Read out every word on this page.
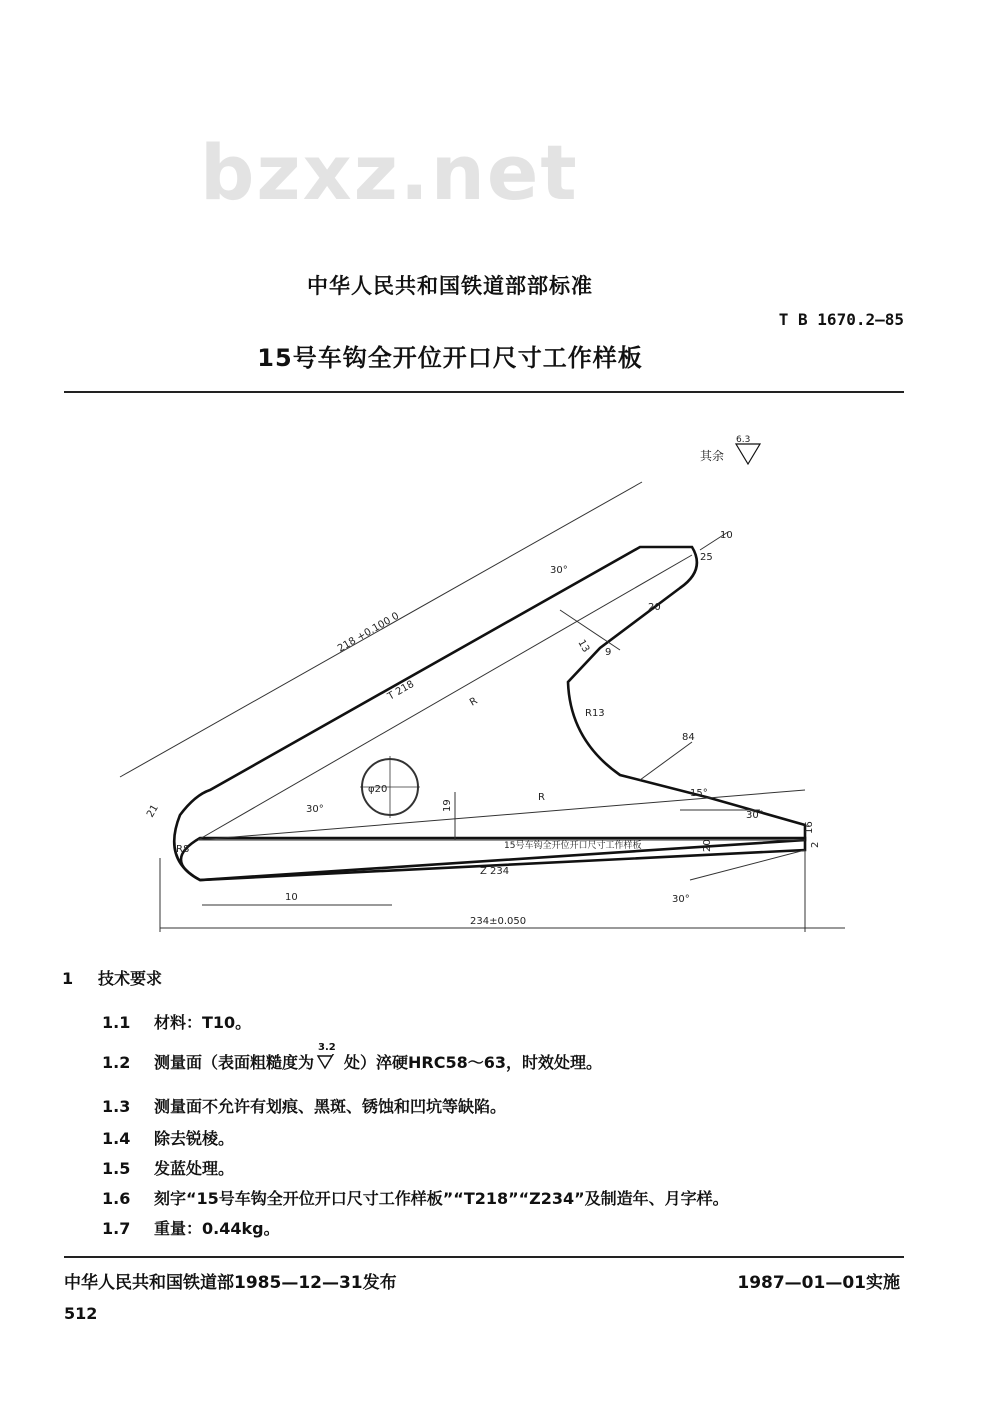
bzxz.net
中华人民共和国铁道部部标准
T B 1670.2—85
15号车钩全开位开口尺寸工作样板
其余
6.3
218 +0.100 0
T 218	R
R
R13
84
10
10
30°
30°
30°
30°
15°
20
13
16
9
25
19
20	2
φ20
21
R8	15号车钩全开位开口尺寸工作样板
Z 234
234±0.050
1 技术要求
1.1 材料：T10。
1.2 测量面（表面粗糙度为
3.2
处）淬硬HRC58～63，时效处理。
1.3 测量面不允许有划痕、黑斑、锈蚀和凹坑等缺陷。
1.4 除去锐棱。
1.5 发蓝处理。
1.6 刻字“15号车钩全开位开口尺寸工作样板”“T218”“Z234”及制造年、月字样。
1.7 重量：0.44kg。
中华人民共和国铁道部1985—12—31发布	1987—01—01实施
512
